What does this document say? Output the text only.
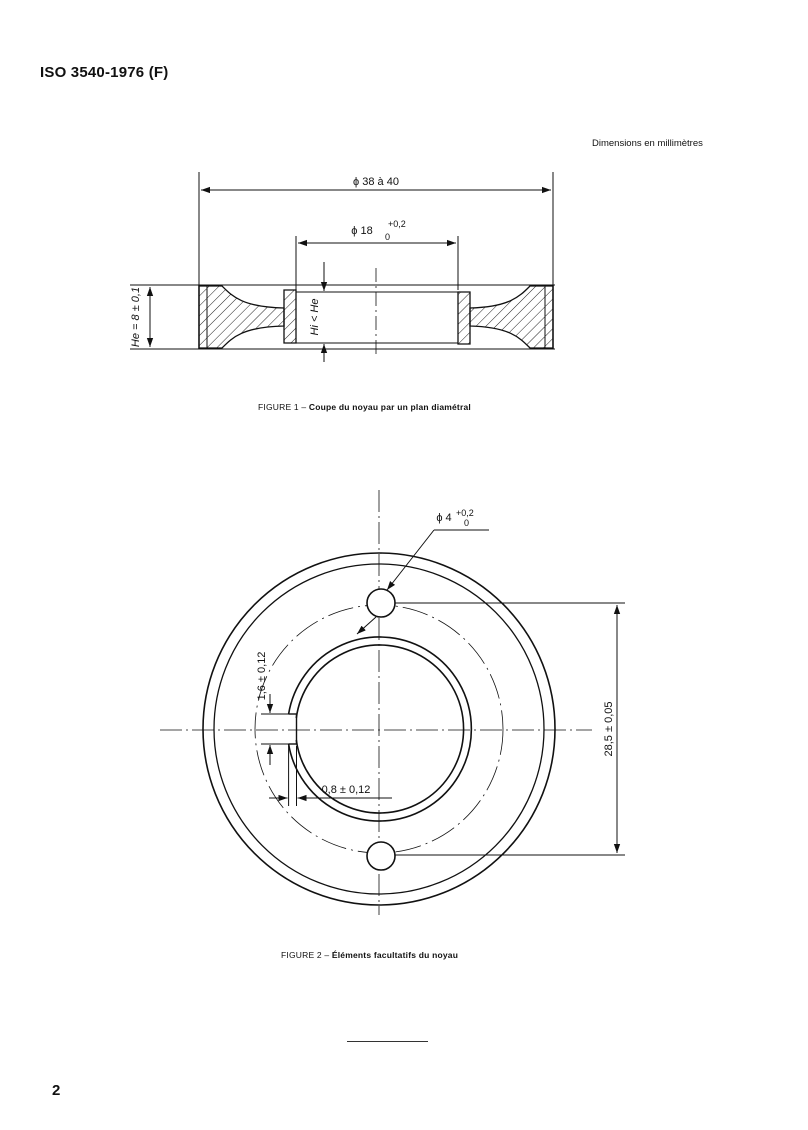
ISO 3540-1976 (F)
Dimensions en millimètres
ϕ 38 à 40
ϕ 18
+0,2
0
He = 8 ± 0,1	Hi < He
ϕ 4 +0,2
0
28,5 ± 0,05
1,6 ± 0,12
0,8 ± 0,12
FIGURE 1 – Coupe du noyau par un plan diamétral
FIGURE 2 – Éléments facultatifs du noyau
2
